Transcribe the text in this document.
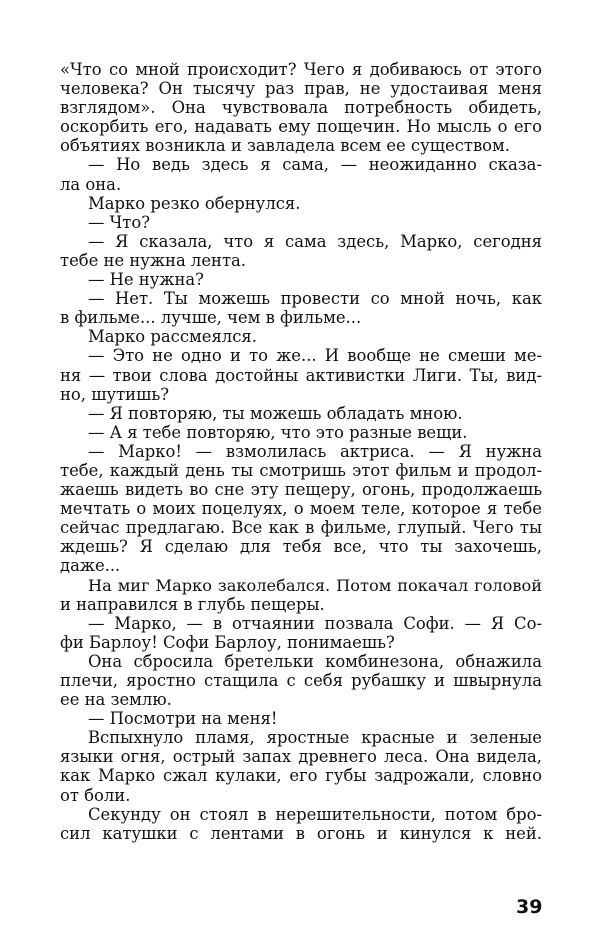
«Что со мной происходит? Чего я добиваюсь от этого
человека? Он тысячу раз прав, не удостаивая меня
взглядом». Она чувствовала потребность обидеть,
оскорбить его, надавать ему пощечин. Но мысль о его
объятиях возникла и завладела всем ее существом.
— Но ведь здесь я сама, — неожиданно сказа-
ла она.
Марко резко обернулся.
— Что?
— Я сказала, что я сама здесь, Марко, сегодня
тебе не нужна лента.
— Не нужна?
— Нет. Ты можешь провести со мной ночь, как
в фильме... лучше, чем в фильме...
Марко рассмеялся.
— Это не одно и то же... И вообще не смеши ме-
ня — твои слова достойны активистки Лиги. Ты, вид-
но, шутишь?
— Я повторяю, ты можешь обладать мною.
— А я тебе повторяю, что это разные вещи.
— Марко! — взмолилась актриса. — Я нужна
тебе, каждый день ты смотришь этот фильм и продол-
жаешь видеть во сне эту пещеру, огонь, продолжаешь
мечтать о моих поцелуях, о моем теле, которое я тебе
сейчас предлагаю. Все как в фильме, глупый. Чего ты
ждешь? Я сделаю для тебя все, что ты захочешь,
даже...
На миг Марко заколебался. Потом покачал головой
и направился в глубь пещеры.
— Марко, — в отчаянии позвала Софи. — Я Со-
фи Барлоу! Софи Барлоу, понимаешь?
Она сбросила бретельки комбинезона, обнажила
плечи, яростно стащила с себя рубашку и швырнула
ее на землю.
— Посмотри на меня!
Вспыхнуло пламя, яростные красные и зеленые
языки огня, острый запах древнего леса. Она видела,
как Марко сжал кулаки, его губы задрожали, словно
от боли.
Секунду он стоял в нерешительности, потом бро-
сил катушки с лентами в огонь и кинулся к ней.
39
